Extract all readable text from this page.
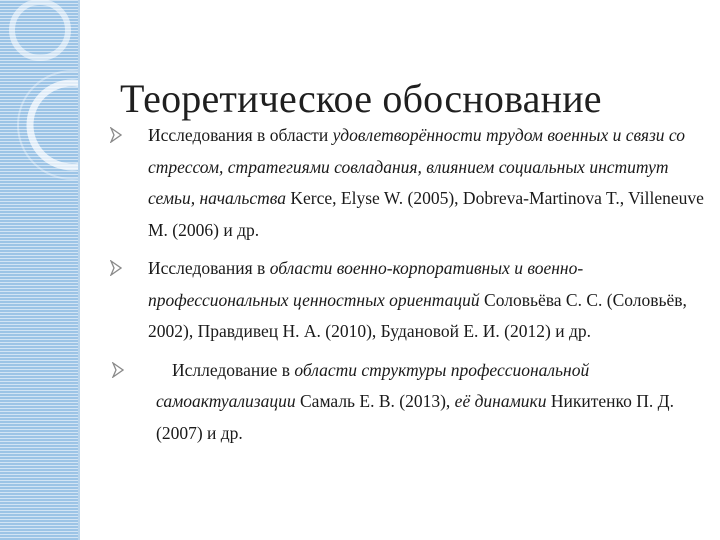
Теоретическое обоснование
Исследования в области удовлетворённости трудом военных и связи со стрессом, стратегиями совладания, влиянием социальных институт семьи, начальства Kerce, Elyse W. (2005), Dobreva-Martinova T., Villeneuve M. (2006) и др.
Исследования в области военно-корпоративных и военно-профессиональных ценностных ориентаций Соловьёва С. С. (Соловьёв, 2002), Правдивец Н. А. (2010), Будановой Е. И. (2012) и др.
Иcлледование в области структуры профессиональной самоактуализации Самаль Е. В. (2013), её динамики Никитенко П. Д. (2007) и др.
